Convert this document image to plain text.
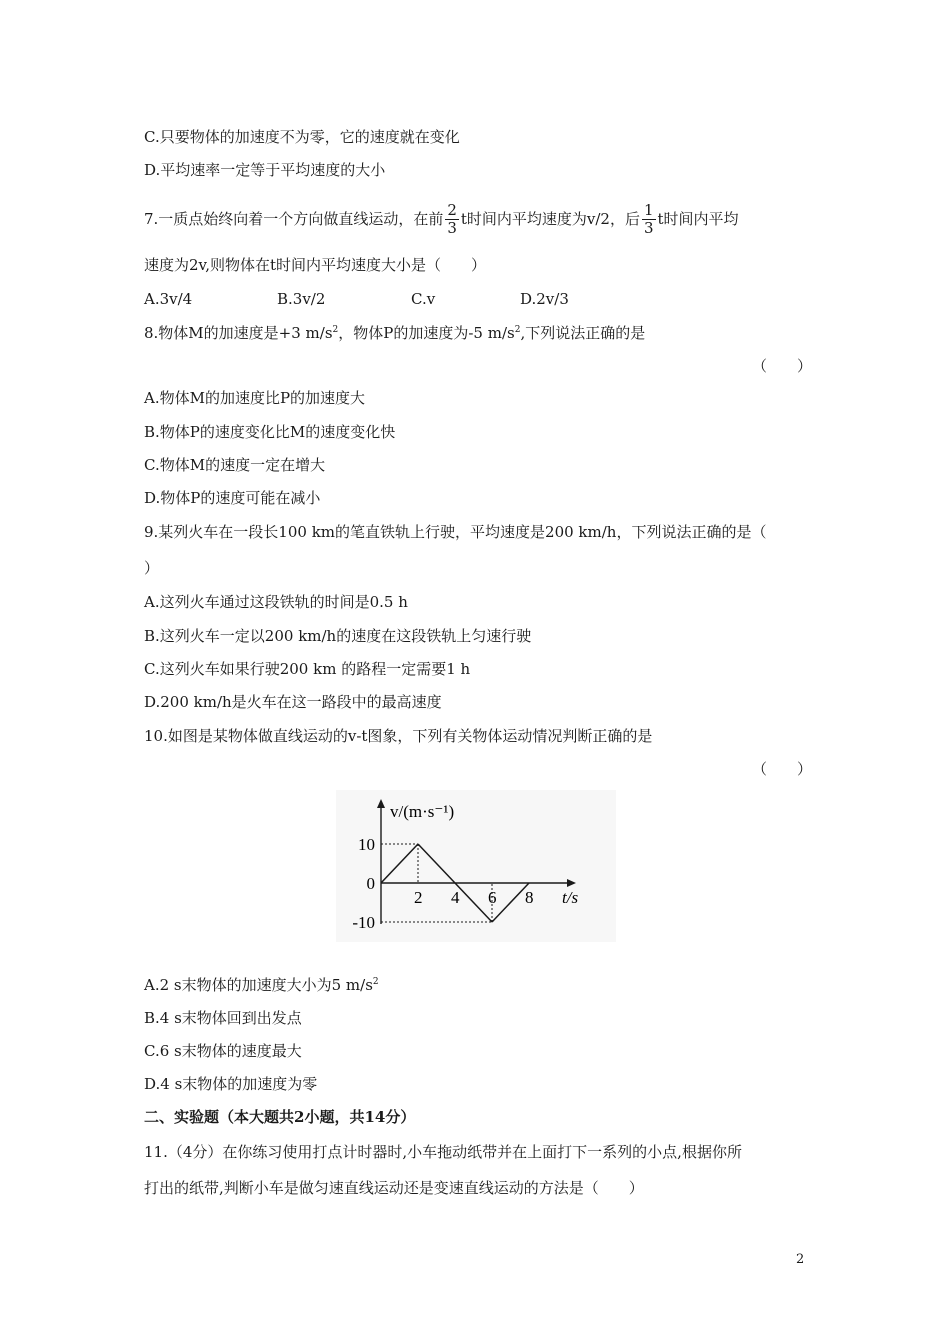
C.只要物体的加速度不为零，它的速度就在变化
D.平均速率一定等于平均速度的大小
7.一质点始终向着一个方向做直线运动，在前 $\frac{2}{3}$ t时间内平均速度为v/2，后 $\frac{1}{3}$ t时间内平均
速度为2v,则物体在t时间内平均速度大小是（　　）
A.3v/4	B.3v/2	C.v	D.2v/3
8.物体M的加速度是+3 $m/s^2$，物体P的加速度为-5 $m/s^2$,下列说法正确的是
（　　）
A.物体M的加速度比P的加速度大
B.物体P的速度变化比M的速度变化快
C.物体M的速度一定在增大
D.物体P的速度可能在减小
9.某列火车在一段长100 km的笔直铁轨上行驶，平均速度是200 km/h，下列说法正确的是（
）
A.这列火车通过这段铁轨的时间是0.5 h
B.这列火车一定以200 km/h的速度在这段铁轨上匀速行驶
C.这列火车如果行驶200 km 的路程一定需要1 h
D.200 km/h是火车在这一路段中的最高速度
10.如图是某物体做直线运动的v-t图象，下列有关物体运动情况判断正确的是
（　　）
v/(m·s⁻¹)
t/s
2 4 6 8
10
0
-10
A.2 s末物体的加速度大小为5 $m/s^2$
B.4 s末物体回到出发点
C.6 s末物体的速度最大
D.4 s末物体的加速度为零
二、实验题（本大题共2小题，共14分）
11.（4分）在你练习使用打点计时器时,小车拖动纸带并在上面打下一系列的小点,根据你所
打出的纸带,判断小车是做匀速直线运动还是变速直线运动的方法是（　　）
2
